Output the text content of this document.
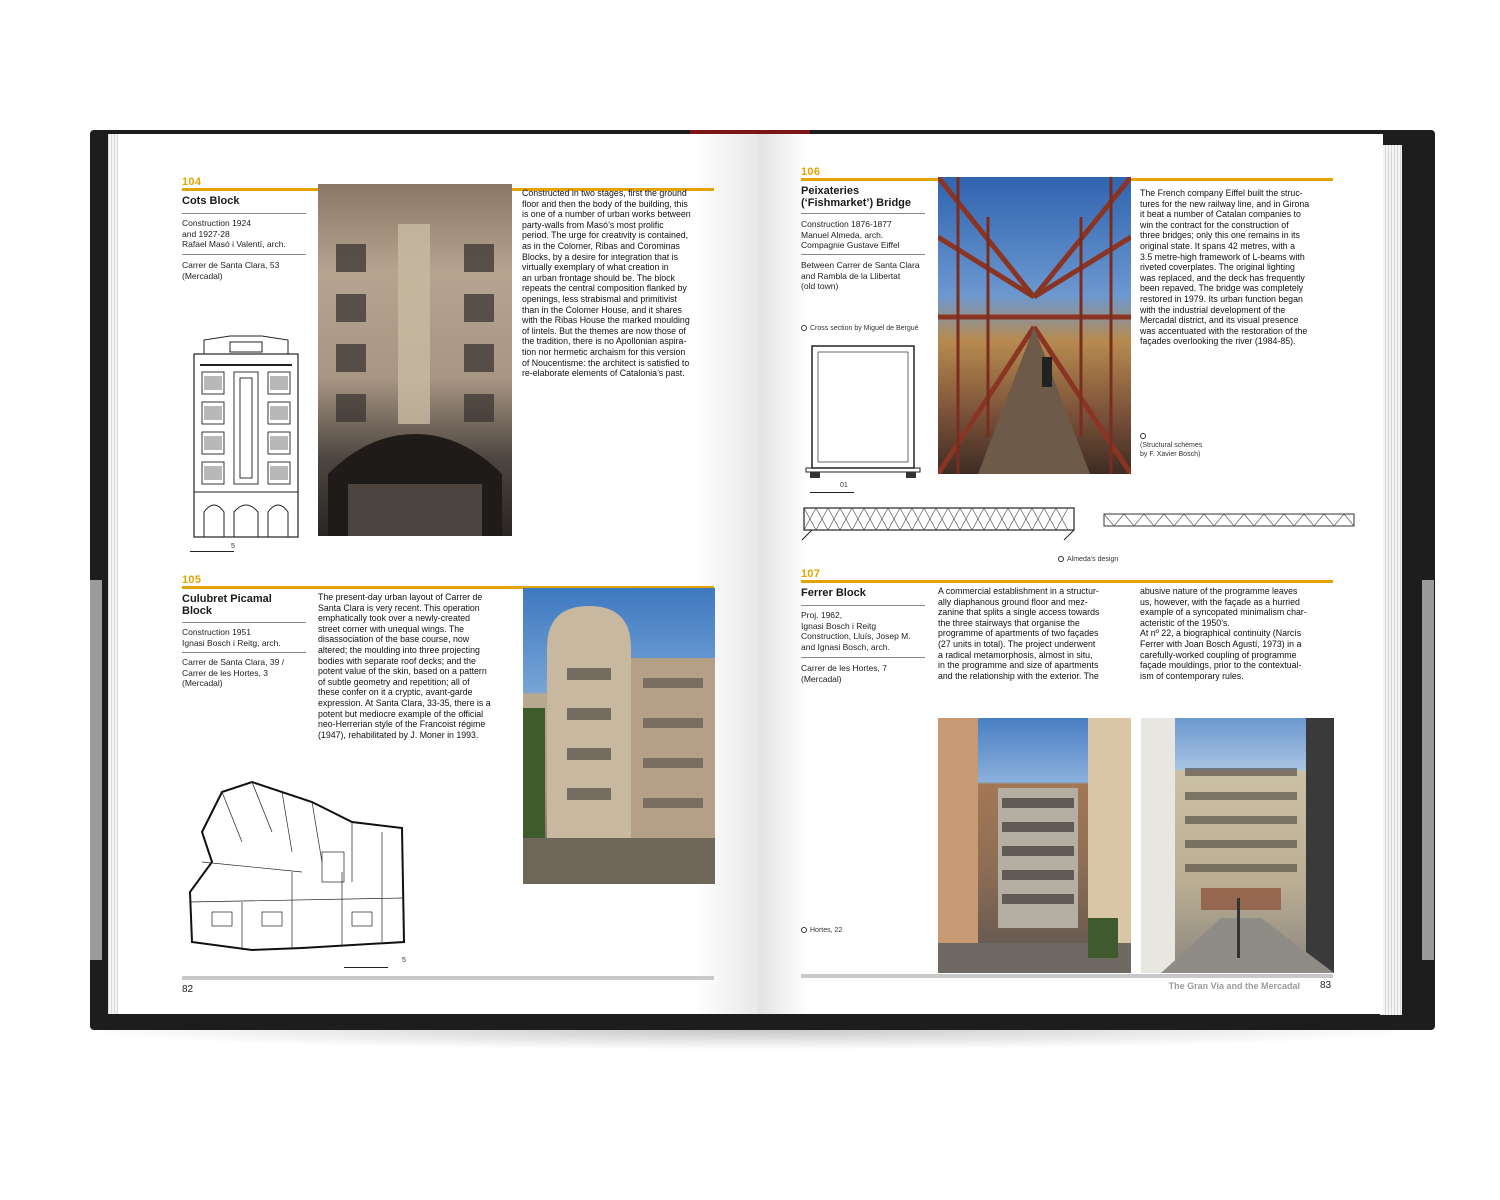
104
Cots Block
Construction 1924
and 1927-28
Rafael Masó i Valentí, arch.
Carrer de Santa Clara, 53
(Mercadal)
5
Constructed in two stages, first the ground
floor and then the body of the building, this
is one of a number of urban works between
party-walls from Masó’s most prolific
period. The urge for creativity is contained,
as in the Colomer, Ribas and Corominas
Blocks, by a desire for integration that is
virtually exemplary of what creation in
an urban frontage should be. The block
repeats the central composition flanked by
openings, less strabismal and primitivist
than in the Colomer House, and it shares
with the Ribas House the marked moulding
of lintels. But the themes are now those of
the tradition, there is no Apollonian aspira-
tion nor hermetic archaism for this version
of Noucentisme: the architect is satisfied to
re-elaborate elements of Catalonia’s past.
105
Culubret Picamal
Block
Construction 1951
Ignasi Bosch i Reitg, arch.
Carrer de Santa Clara, 39 /
Carrer de les Hortes, 3
(Mercadal)
The present-day urban layout of Carrer de
Santa Clara is very recent. This operation
emphatically took over a newly-created
street corner with unequal wings. The
disassociation of the base course, now
altered; the moulding into three projecting
bodies with separate roof decks; and the
potent value of the skin, based on a pattern
of subtle geometry and repetition; all of
these confer on it a cryptic, avant-garde
expression. At Santa Clara, 33-35, there is a
potent but mediocre example of the official
neo-Herrerian style of the Francoist régime
(1947), rehabilitated by J. Moner in 1993.
5
82
106
Peixateries
(‘Fishmarket’) Bridge
Construction 1876-1877
Manuel Almeda, arch.
Compagnie Gustave Eiffel
Between Carrer de Santa Clara
and Rambla de la Llibertat
(old town)
Cross section by Miguel de Bergué
01
The French company Eiffel built the struc-
tures for the new railway line, and in Girona
it beat a number of Catalan companies to
win the contract for the construction of
three bridges; only this one remains in its
original state. It spans 42 metres, with a
3.5 metre-high framework of L-beams with
riveted coverplates. The original lighting
was replaced, and the deck has frequently
been repaved. The bridge was completely
restored in 1979. Its urban function began
with the industrial development of the
Mercadal district, and its visual presence
was accentuated with the restoration of the
façades overlooking the river (1984-85).
(Structural schemes
by F. Xavier Bosch)
Almeda’s design
107
Ferrer Block
Proj. 1962,
Ignasi Bosch i Reitg
Construction, Lluís, Josep M.
and Ignasi Bosch, arch.
Carrer de les Hortes, 7
(Mercadal)
A commercial establishment in a structur-
ally diaphanous ground floor and mez-
zanine that splits a single access towards
the three stairways that organise the
programme of apartments of two façades
(27 units in total). The project underwent
a radical metamorphosis, almost in situ,
in the programme and size of apartments
and the relationship with the exterior. The
abusive nature of the programme leaves
us, however, with the façade as a hurried
example of a syncopated minimalism char-
acteristic of the 1950’s.
At nº 22, a biographical continuity (Narcís
Ferrer with Joan Bosch Agustí, 1973) in a
carefully-worked coupling of programme
façade mouldings, prior to the contextual-
ism of contemporary rules.
Hortes, 22
The Gran Via and the Mercadal 83
